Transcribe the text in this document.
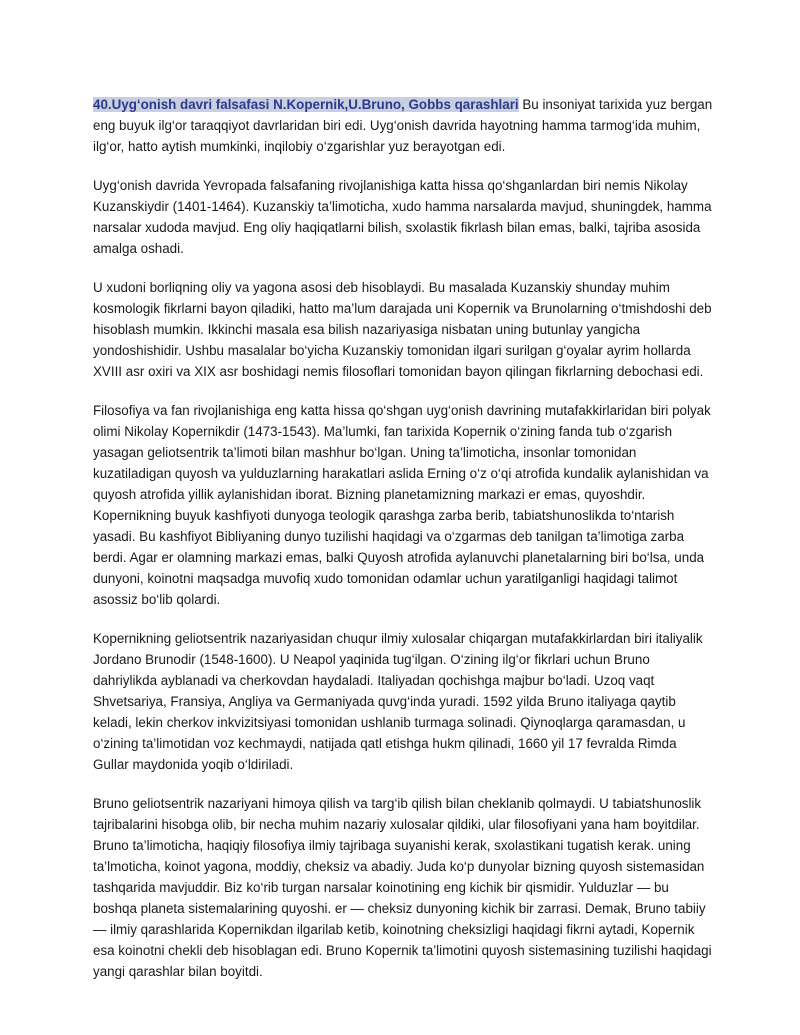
40.Uyg‘onish davri falsafasi N.Kopernik,U.Bruno, Gobbs qarashlari Bu insoniyat tarixida yuz bergan eng buyuk ilg‘or taraqqiyot davrlaridan biri edi. Uyg‘onish davrida hayotning hamma tarmog‘ida muhim, ilg‘or, hatto aytish mumkinki, inqilobiy o‘zgarishlar yuz berayotgan edi.

Uyg‘onish davrida Yevropada falsafaning rivojlanishiga katta hissa qo‘shganlardan biri nemis Nikolay Kuzanskiydir (1401-1464). Kuzanskiy ta’limoticha, xudo hamma narsalarda mavjud, shuningdek, hamma narsalar xudoda mavjud. Eng oliy haqiqatlarni bilish, sxolastik fikrlash bilan emas, balki, tajriba asosida amalga oshadi.

U xudoni borliqning oliy va yagona asosi deb hisoblaydi. Bu masalada Kuzanskiy shunday muhim kosmologik fikrlarni bayon qiladiki, hatto ma’lum darajada uni Kopernik va Brunolarning o‘tmishdoshi deb hisoblash mumkin. Ikkinchi masala esa bilish nazariyasiga nisbatan uning butunlay yangicha yondoshishidir. Ushbu masalalar bo‘yicha Kuzanskiy tomonidan ilgari surilgan g‘oyalar ayrim hollarda XVIII asr oxiri va XIX asr boshidagi nemis filosoflari tomonidan bayon qilingan fikrlarning debochasi edi.

Filosofiya va fan rivojlanishiga eng katta hissa qo‘shgan uyg‘onish davrining mutafakkirlaridan biri polyak olimi Nikolay Kopernikdir (1473-1543). Ma’lumki, fan tarixida Kopernik o‘zining fanda tub o‘zgarish yasagan geliotsentrik ta’limoti bilan mashhur bo‘lgan. Uning ta’limoticha, insonlar tomonidan kuzatiladigan quyosh va yulduzlarning harakatlari aslida Erning o‘z o‘qi atrofida kundalik aylanishidan va quyosh atrofida yillik aylanishidan iborat. Bizning planetamizning markazi er emas, quyoshdir. Kopernikning buyuk kashfiyoti dunyoga teologik qarashga zarba berib, tabiatshunoslikda to‘ntarish yasadi. Bu kashfiyot Bibliyaning dunyo tuzilishi haqidagi va o‘zgarmas deb tanilgan ta’limotiga zarba berdi. Agar er olamning markazi emas, balki Quyosh atrofida aylanuvchi planetalarning biri bo‘lsa, unda dunyoni, koinotni maqsadga muvofiq xudo tomonidan odamlar uchun yaratilganligi haqidagi talimot asossiz bo‘lib qolardi.

Kopernikning geliotsentrik nazariyasidan chuqur ilmiy xulosalar chiqargan mutafakkirlardan biri italiyalik Jordano Brunodir (1548-1600). U Neapol yaqinida tug‘ilgan. O‘zining ilg‘or fikrlari uchun Bruno dahriylikda ayblanadi va cherkovdan haydaladi. Italiyadan qochishga majbur bo‘ladi. Uzoq vaqt Shvetsariya, Fransiya, Angliya va Germaniyada quvg‘inda yuradi. 1592 yilda Bruno italiyaga qaytib keladi, lekin cherkov inkvizitsiyasi tomonidan ushlanib turmaga solinadi. Qiynoqlarga qaramasdan, u o‘zining ta’limotidan voz kechmaydi, natijada qatl etishga hukm qilinadi, 1660 yil 17 fevralda Rimda Gullar maydonida yoqib o‘ldiriladi.

Bruno geliotsentrik nazariyani himoya qilish va targ‘ib qilish bilan cheklanib qolmaydi. U tabiatshunoslik tajribalarini hisobga olib, bir necha muhim nazariy xulosalar qildiki, ular filosofiyani yana ham boyitdilar. Bruno ta’limoticha, haqiqiy filosofiya ilmiy tajribaga suyanishi kerak, sxolastikani tugatish kerak. uning ta’lmoticha, koinot yagona, moddiy, cheksiz va abadiy. Juda ko‘p dunyolar bizning quyosh sistemasidan tashqarida mavjuddir. Biz ko‘rib turgan narsalar koinotining eng kichik bir qismidir. Yulduzlar — bu boshqa planeta sistemalarining quyoshi. er — cheksiz dunyoning kichik bir zarrasi. Demak, Bruno tabiiy — ilmiy qarashlarida Kopernikdan ilgarilab ketib, koinotning cheksizligi haqidagi fikrni aytadi, Kopernik esa koinotni chekli deb hisoblagan edi. Bruno Kopernik ta’limotini quyosh sistemasining tuzilishi haqidagi yangi qarashlar bilan boyitdi.
